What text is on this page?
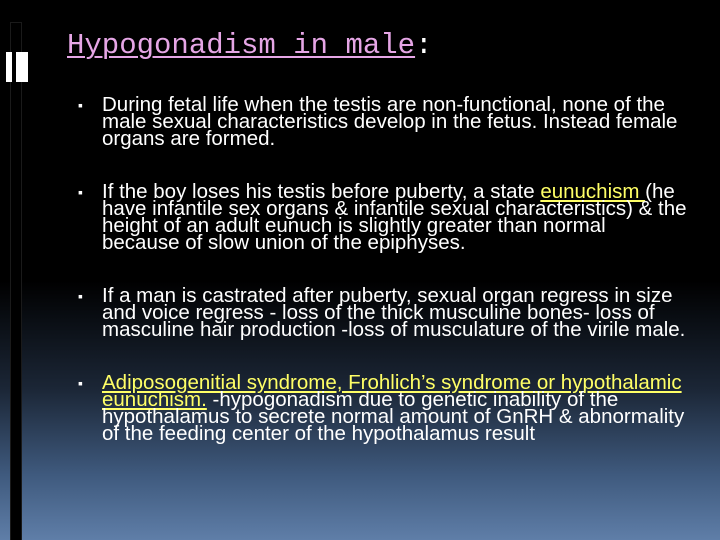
Hypogonadism in male:
▪ During fetal life when the testis are non-functional, none of the male sexual characteristics develop in the fetus. Instead female organs are formed.
▪ If the boy loses his testis before puberty, a state eunuchism (he have infantile sex organs & infantile sexual characteristics) & the height of an adult eunuch is slightly greater than normal because of slow union of the epiphyses.
▪ If a man is castrated after puberty, sexual organ regress in size and voice regress - loss of the thick musculine bones- loss of masculine hair production -loss of musculature of the virile male.
▪ Adiposogenitial syndrome, Frohlich’s syndrome or hypothalamic eunuchism. -hypogonadism due to genetic inability of the hypothalamus to secrete normal amount of GnRH & abnormality of the feeding center of the hypothalamus result
